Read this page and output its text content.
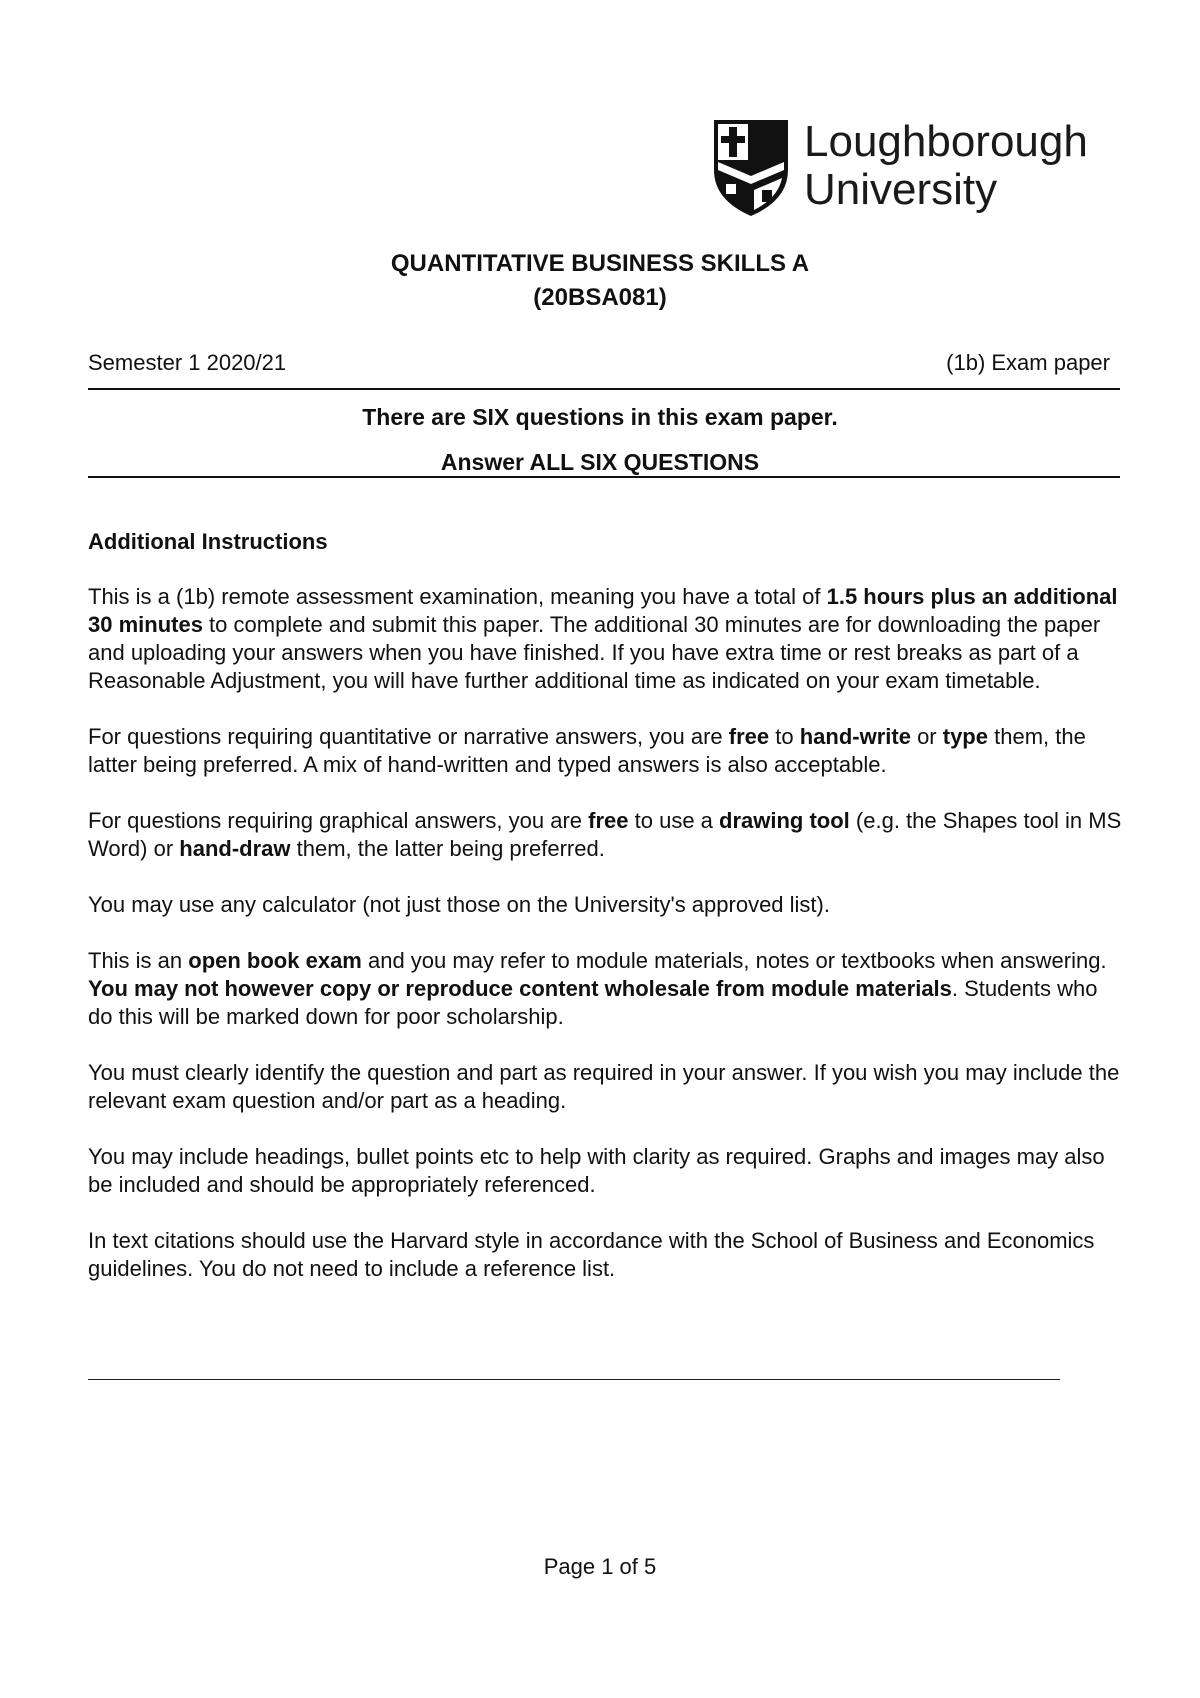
Loughborough
University
QUANTITATIVE BUSINESS SKILLS A
(20BSA081)
Semester 1 2020/21	(1b) Exam paper
There are SIX questions in this exam paper.
Answer ALL SIX QUESTIONS
Additional Instructions

This is a (1b) remote assessment examination, meaning you have a total of 1.5 hours plus an additional 30 minutes to complete and submit this paper. The additional 30 minutes are for downloading the paper and uploading your answers when you have finished. If you have extra time or rest breaks as part of a Reasonable Adjustment, you will have further additional time as indicated on your exam timetable.

For questions requiring quantitative or narrative answers, you are free to hand-write or type them, the latter being preferred. A mix of hand-written and typed answers is also acceptable.

For questions requiring graphical answers, you are free to use a drawing tool (e.g. the Shapes tool in MS Word) or hand-draw them, the latter being preferred.

You may use any calculator (not just those on the University's approved list).

This is an open book exam and you may refer to module materials, notes or textbooks when answering. You may not however copy or reproduce content wholesale from module materials. Students who do this will be marked down for poor scholarship.

You must clearly identify the question and part as required in your answer. If you wish you may include the relevant exam question and/or part as a heading.

You may include headings, bullet points etc to help with clarity as required. Graphs and images may also be included and should be appropriately referenced.

In text citations should use the Harvard style in accordance with the School of Business and Economics guidelines. You do not need to include a reference list.

Page 1 of 5
